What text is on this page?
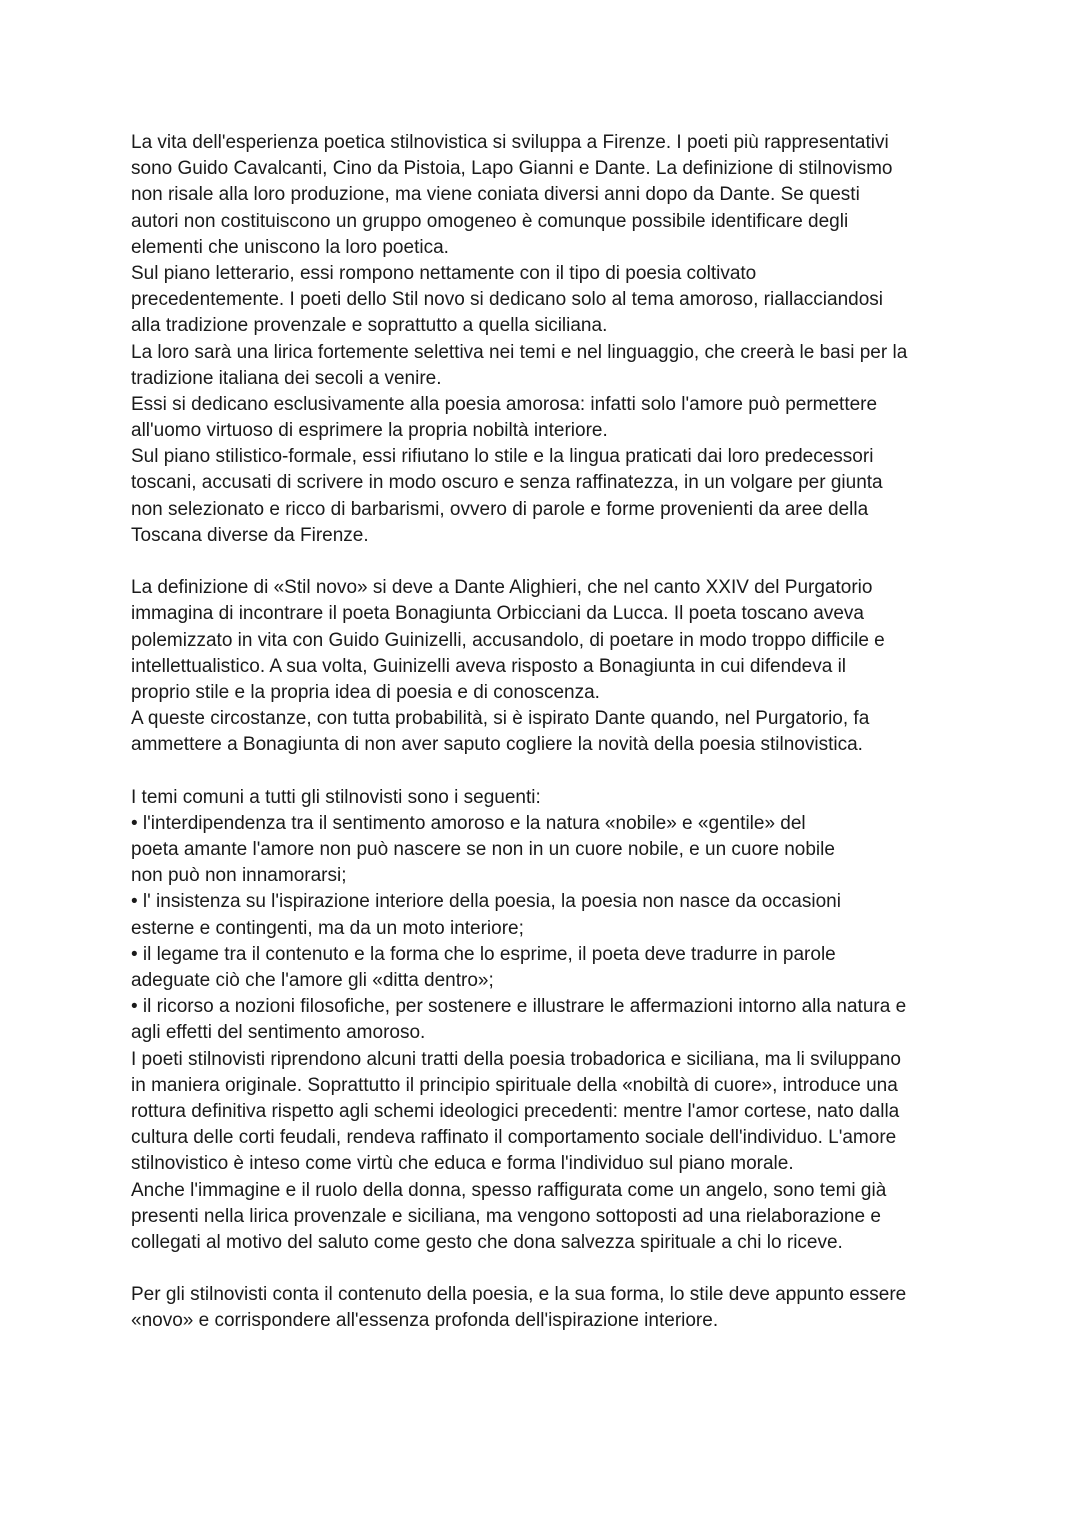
La vita dell'esperienza poetica stilnovistica si sviluppa a Firenze. I poeti più rappresentativi
sono Guido Cavalcanti, Cino da Pistoia, Lapo Gianni e Dante. La definizione di stilnovismo
non risale alla loro produzione, ma viene coniata diversi anni dopo da Dante. Se questi
autori non costituiscono un gruppo omogeneo è comunque possibile identificare degli
elementi che uniscono la loro poetica.
Sul piano letterario, essi rompono nettamente con il tipo di poesia coltivato
precedentemente. I poeti dello Stil novo si dedicano solo al tema amoroso, riallacciandosi
alla tradizione provenzale e soprattutto a quella siciliana.
La loro sarà una lirica fortemente selettiva nei temi e nel linguaggio, che creerà le basi per la
tradizione italiana dei secoli a venire.
Essi si dedicano esclusivamente alla poesia amorosa: infatti solo l'amore può permettere
all'uomo virtuoso di esprimere la propria nobiltà interiore.
Sul piano stilistico-formale, essi rifiutano lo stile e la lingua praticati dai loro predecessori
toscani, accusati di scrivere in modo oscuro e senza raffinatezza, in un volgare per giunta
non selezionato e ricco di barbarismi, ovvero di parole e forme provenienti da aree della
Toscana diverse da Firenze.
La definizione di «Stil novo» si deve a Dante Alighieri, che nel canto XXIV del Purgatorio
immagina di incontrare il poeta Bonagiunta Orbicciani da Lucca. Il poeta toscano aveva
polemizzato in vita con Guido Guinizelli, accusandolo, di poetare in modo troppo difficile e
intellettualistico. A sua volta, Guinizelli aveva risposto a Bonagiunta in cui difendeva il
proprio stile e la propria idea di poesia e di conoscenza.
A queste circostanze, con tutta probabilità, si è ispirato Dante quando, nel Purgatorio, fa
ammettere a Bonagiunta di non aver saputo cogliere la novità della poesia stilnovistica.
I temi comuni a tutti gli stilnovisti sono i seguenti:
• l'interdipendenza tra il sentimento amoroso e la natura «nobile» e «gentile» del
poeta amante l'amore non può nascere se non in un cuore nobile, e un cuore nobile
non può non innamorarsi;
• l' insistenza su l'ispirazione interiore della poesia, la poesia non nasce da occasioni
esterne e contingenti, ma da un moto interiore;
• il legame tra il contenuto e la forma che lo esprime, il poeta deve tradurre in parole
adeguate ciò che l'amore gli «ditta dentro»;
• il ricorso a nozioni filosofiche, per sostenere e illustrare le affermazioni intorno alla natura e
agli effetti del sentimento amoroso.
I poeti stilnovisti riprendono alcuni tratti della poesia trobadorica e siciliana, ma li sviluppano
in maniera originale. Soprattutto il principio spirituale della «nobiltà di cuore», introduce una
rottura definitiva rispetto agli schemi ideologici precedenti: mentre l'amor cortese, nato dalla
cultura delle corti feudali, rendeva raffinato il comportamento sociale dell'individuo. L'amore
stilnovistico è inteso come virtù che educa e forma l'individuo sul piano morale.
Anche l'immagine e il ruolo della donna, spesso raffigurata come un angelo, sono temi già
presenti nella lirica provenzale e siciliana, ma vengono sottoposti ad una rielaborazione e
collegati al motivo del saluto come gesto che dona salvezza spirituale a chi lo riceve.
Per gli stilnovisti conta il contenuto della poesia, e la sua forma, lo stile deve appunto essere
«novo» e corrispondere all'essenza profonda dell'ispirazione interiore.
